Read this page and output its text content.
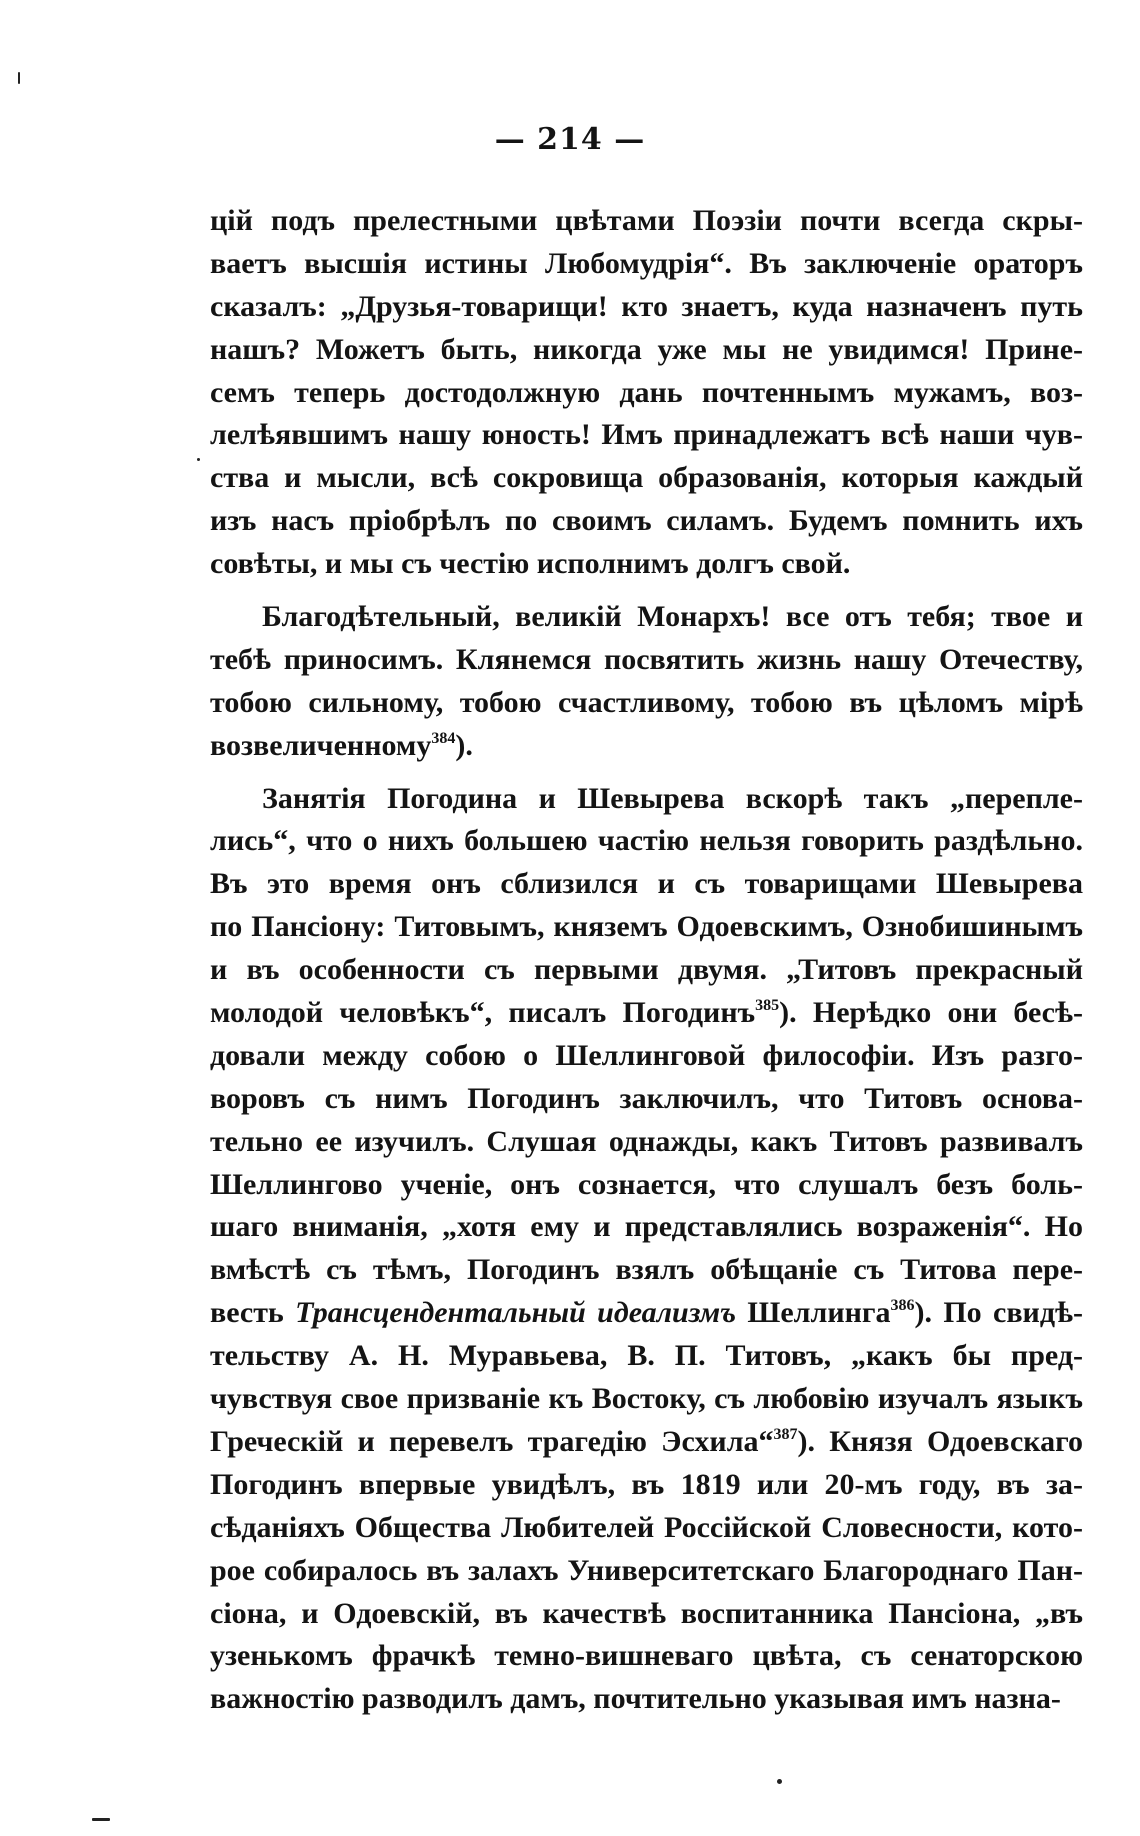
— 214 —
цій подъ прелестными цвѣтами Поэзіи почти всегда скры-
ваетъ высшія истины Любомудрія“. Въ заключеніе ораторъ
сказалъ: „Друзья-товарищи! кто знаетъ, куда назначенъ путь
нашъ? Можетъ быть, никогда уже мы не увидимся! Прине-
семъ теперь достодолжную дань почтеннымъ мужамъ, воз-
лелѣявшимъ нашу юность! Имъ принадлежатъ всѣ наши чув-
ства и мысли, всѣ сокровища образованія, которыя каждый
изъ насъ пріобрѣлъ по своимъ силамъ. Будемъ помнить ихъ
совѣты, и мы съ честію исполнимъ долгъ свой.
Благодѣтельный, великій Монархъ! все отъ тебя; твое и
тебѣ приносимъ. Клянемся посвятить жизнь нашу Отечеству,
тобою сильному, тобою счастливому, тобою въ цѣломъ мірѣ
возвеличенному$^{384}$).
Занятія Погодина и Шевырева вскорѣ такъ „перепле-
лись“, что о нихъ большею частію нельзя говорить раздѣльно.
Въ это время онъ сблизился и съ товарищами Шевырева
по Пансіону: Титовымъ, княземъ Одоевскимъ, Ознобишинымъ
и въ особенности съ первыми двумя. „Титовъ прекрасный
молодой человѣкъ“, писалъ Погодинъ$^{385}$). Нерѣдко они бесѣ-
довали между собою о Шеллинговой философіи. Изъ разго-
воровъ съ нимъ Погодинъ заключилъ, что Титовъ основа-
тельно ее изучилъ. Слушая однажды, какъ Титовъ развивалъ
Шеллингово ученіе, онъ сознается, что слушалъ безъ боль-
шаго вниманія, „хотя ему и представлялись возраженія“. Но
вмѣстѣ съ тѣмъ, Погодинъ взялъ обѣщаніе съ Титова пере-
весть Трансцендентальный идеализмъ Шеллинга$^{386}$). По свидѣ-
тельству А. Н. Муравьева, В. П. Титовъ, „какъ бы пред-
чувствуя свое призваніе къ Востоку, съ любовію изучалъ языкъ
Греческій и перевелъ трагедію Эсхила“$^{387}$). Князя Одоевскаго
Погодинъ впервые увидѣлъ, въ 1819 или 20-мъ году, въ за-
сѣданіяхъ Общества Любителей Россійской Словесности, кото-
рое собиралось въ залахъ Университетскаго Благороднаго Пан-
сіона, и Одоевскій, въ качествѣ воспитанника Пансіона, „въ
узенькомъ фрачкѣ темно-вишневаго цвѣта, съ сенаторскою
важностію разводилъ дамъ, почтительно указывая имъ назна-
